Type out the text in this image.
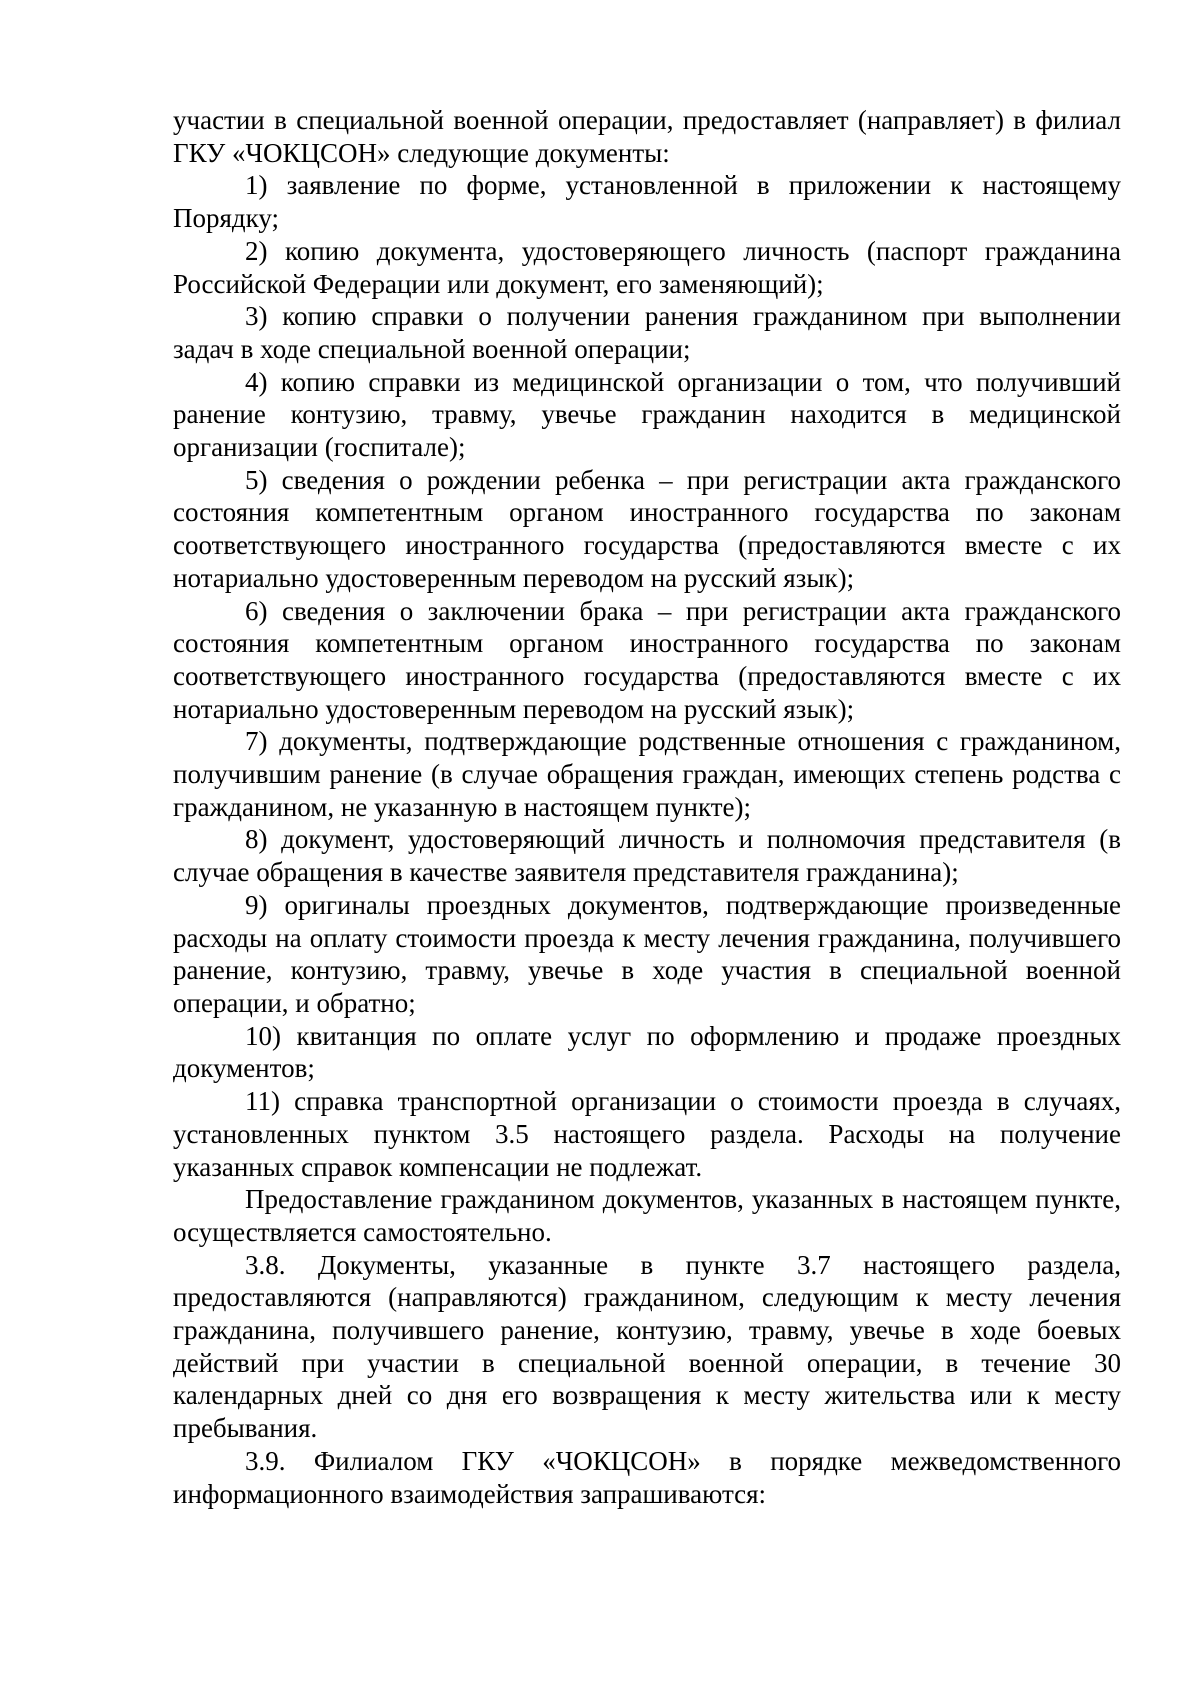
участии в специальной военной операции, предоставляет (направляет) в филиал ГКУ «ЧОКЦСОН» следующие документы:

1) заявление по форме, установленной в приложении к настоящему Порядку;

2) копию документа, удостоверяющего личность (паспорт гражданина Российской Федерации или документ, его заменяющий);

3) копию справки о получении ранения гражданином при выполнении задач в ходе специальной военной операции;

4) копию справки из медицинской организации о том, что получивший ранение контузию, травму, увечье гражданин находится в медицинской организации (госпитале);

5) сведения о рождении ребенка – при регистрации акта гражданского состояния компетентным органом иностранного государства по законам соответствующего иностранного государства (предоставляются вместе с их нотариально удостоверенным переводом на русский язык);

6) сведения о заключении брака – при регистрации акта гражданского состояния компетентным органом иностранного государства по законам соответствующего иностранного государства (предоставляются вместе с их нотариально удостоверенным переводом на русский язык);

7) документы, подтверждающие родственные отношения с гражданином, получившим ранение (в случае обращения граждан, имеющих степень родства с гражданином, не указанную в настоящем пункте);

8) документ, удостоверяющий личность и полномочия представителя (в случае обращения в качестве заявителя представителя гражданина);

9) оригиналы проездных документов, подтверждающие произведенные расходы на оплату стоимости проезда к месту лечения гражданина, получившего ранение, контузию, травму, увечье в ходе участия в специальной военной операции, и обратно;

10) квитанция по оплате услуг по оформлению и продаже проездных документов;

11) справка транспортной организации о стоимости проезда в случаях, установленных пунктом 3.5 настоящего раздела. Расходы на получение указанных справок компенсации не подлежат.

Предоставление гражданином документов, указанных в настоящем пункте, осуществляется самостоятельно.

3.8. Документы, указанные в пункте 3.7 настоящего раздела, предоставляются (направляются) гражданином, следующим к месту лечения гражданина, получившего ранение, контузию, травму, увечье в ходе боевых действий при участии в специальной военной операции, в течение 30 календарных дней со дня его возвращения к месту жительства или к месту пребывания.

3.9. Филиалом ГКУ «ЧОКЦСОН» в порядке межведомственного информационного взаимодействия запрашиваются:
